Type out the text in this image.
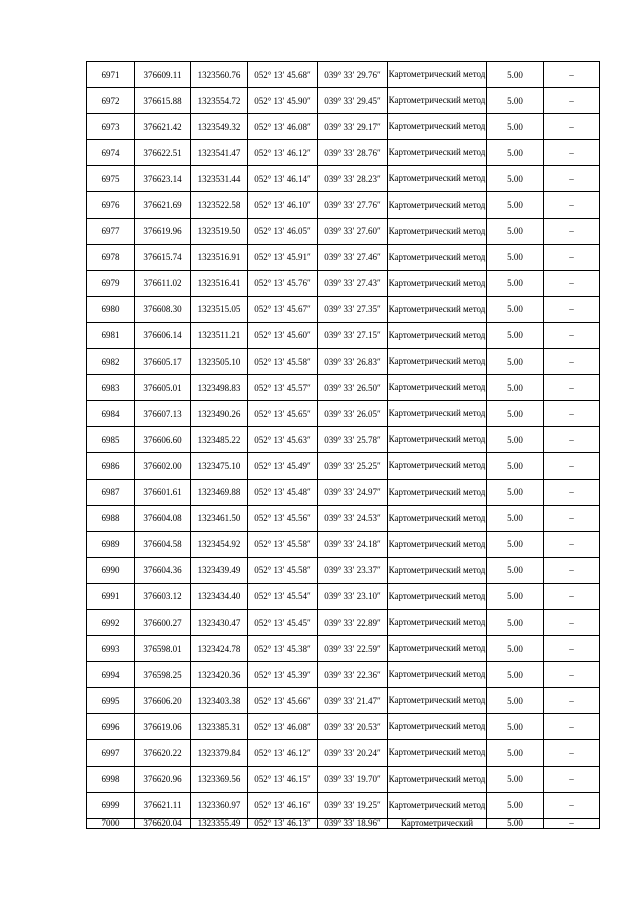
6971	376609.11	1323560.76	052° 13′ 45.68″	039° 33′ 29.76″	Картометрический метод	5.00	–
6972	376615.88	1323554.72	052° 13′ 45.90″	039° 33′ 29.45″	Картометрический метод	5.00	–
6973	376621.42	1323549.32	052° 13′ 46.08″	039° 33′ 29.17″	Картометрический метод	5.00	–
6974	376622.51	1323541.47	052° 13′ 46.12″	039° 33′ 28.76″	Картометрический метод	5.00	–
6975	376623.14	1323531.44	052° 13′ 46.14″	039° 33′ 28.23″	Картометрический метод	5.00	–
6976	376621.69	1323522.58	052° 13′ 46.10″	039° 33′ 27.76″	Картометрический метод	5.00	–
6977	376619.96	1323519.50	052° 13′ 46.05″	039° 33′ 27.60″	Картометрический метод	5.00	–
6978	376615.74	1323516.91	052° 13′ 45.91″	039° 33′ 27.46″	Картометрический метод	5.00	–
6979	376611.02	1323516.41	052° 13′ 45.76″	039° 33′ 27.43″	Картометрический метод	5.00	–
6980	376608.30	1323515.05	052° 13′ 45.67″	039° 33′ 27.35″	Картометрический метод	5.00	–
6981	376606.14	1323511.21	052° 13′ 45.60″	039° 33′ 27.15″	Картометрический метод	5.00	–
6982	376605.17	1323505.10	052° 13′ 45.58″	039° 33′ 26.83″	Картометрический метод	5.00	–
6983	376605.01	1323498.83	052° 13′ 45.57″	039° 33′ 26.50″	Картометрический метод	5.00	–
6984	376607.13	1323490.26	052° 13′ 45.65″	039° 33′ 26.05″	Картометрический метод	5.00	–
6985	376606.60	1323485.22	052° 13′ 45.63″	039° 33′ 25.78″	Картометрический метод	5.00	–
6986	376602.00	1323475.10	052° 13′ 45.49″	039° 33′ 25.25″	Картометрический метод	5.00	–
6987	376601.61	1323469.88	052° 13′ 45.48″	039° 33′ 24.97″	Картометрический метод	5.00	–
6988	376604.08	1323461.50	052° 13′ 45.56″	039° 33′ 24.53″	Картометрический метод	5.00	–
6989	376604.58	1323454.92	052° 13′ 45.58″	039° 33′ 24.18″	Картометрический метод	5.00	–
6990	376604.36	1323439.49	052° 13′ 45.58″	039° 33′ 23.37″	Картометрический метод	5.00	–
6991	376603.12	1323434.40	052° 13′ 45.54″	039° 33′ 23.10″	Картометрический метод	5.00	–
6992	376600.27	1323430.47	052° 13′ 45.45″	039° 33′ 22.89″	Картометрический метод	5.00	–
6993	376598.01	1323424.78	052° 13′ 45.38″	039° 33′ 22.59″	Картометрический метод	5.00	–
6994	376598.25	1323420.36	052° 13′ 45.39″	039° 33′ 22.36″	Картометрический метод	5.00	–
6995	376606.20	1323403.38	052° 13′ 45.66″	039° 33′ 21.47″	Картометрический метод	5.00	–
6996	376619.06	1323385.31	052° 13′ 46.08″	039° 33′ 20.53″	Картометрический метод	5.00	–
6997	376620.22	1323379.84	052° 13′ 46.12″	039° 33′ 20.24″	Картометрический метод	5.00	–
6998	376620.96	1323369.56	052° 13′ 46.15″	039° 33′ 19.70″	Картометрический метод	5.00	–
6999	376621.11	1323360.97	052° 13′ 46.16″	039° 33′ 19.25″	Картометрический метод	5.00	–
7000	376620.04	1323355.49	052° 13′ 46.13″	039° 33′ 18.96″	Картометрический	5.00	–
